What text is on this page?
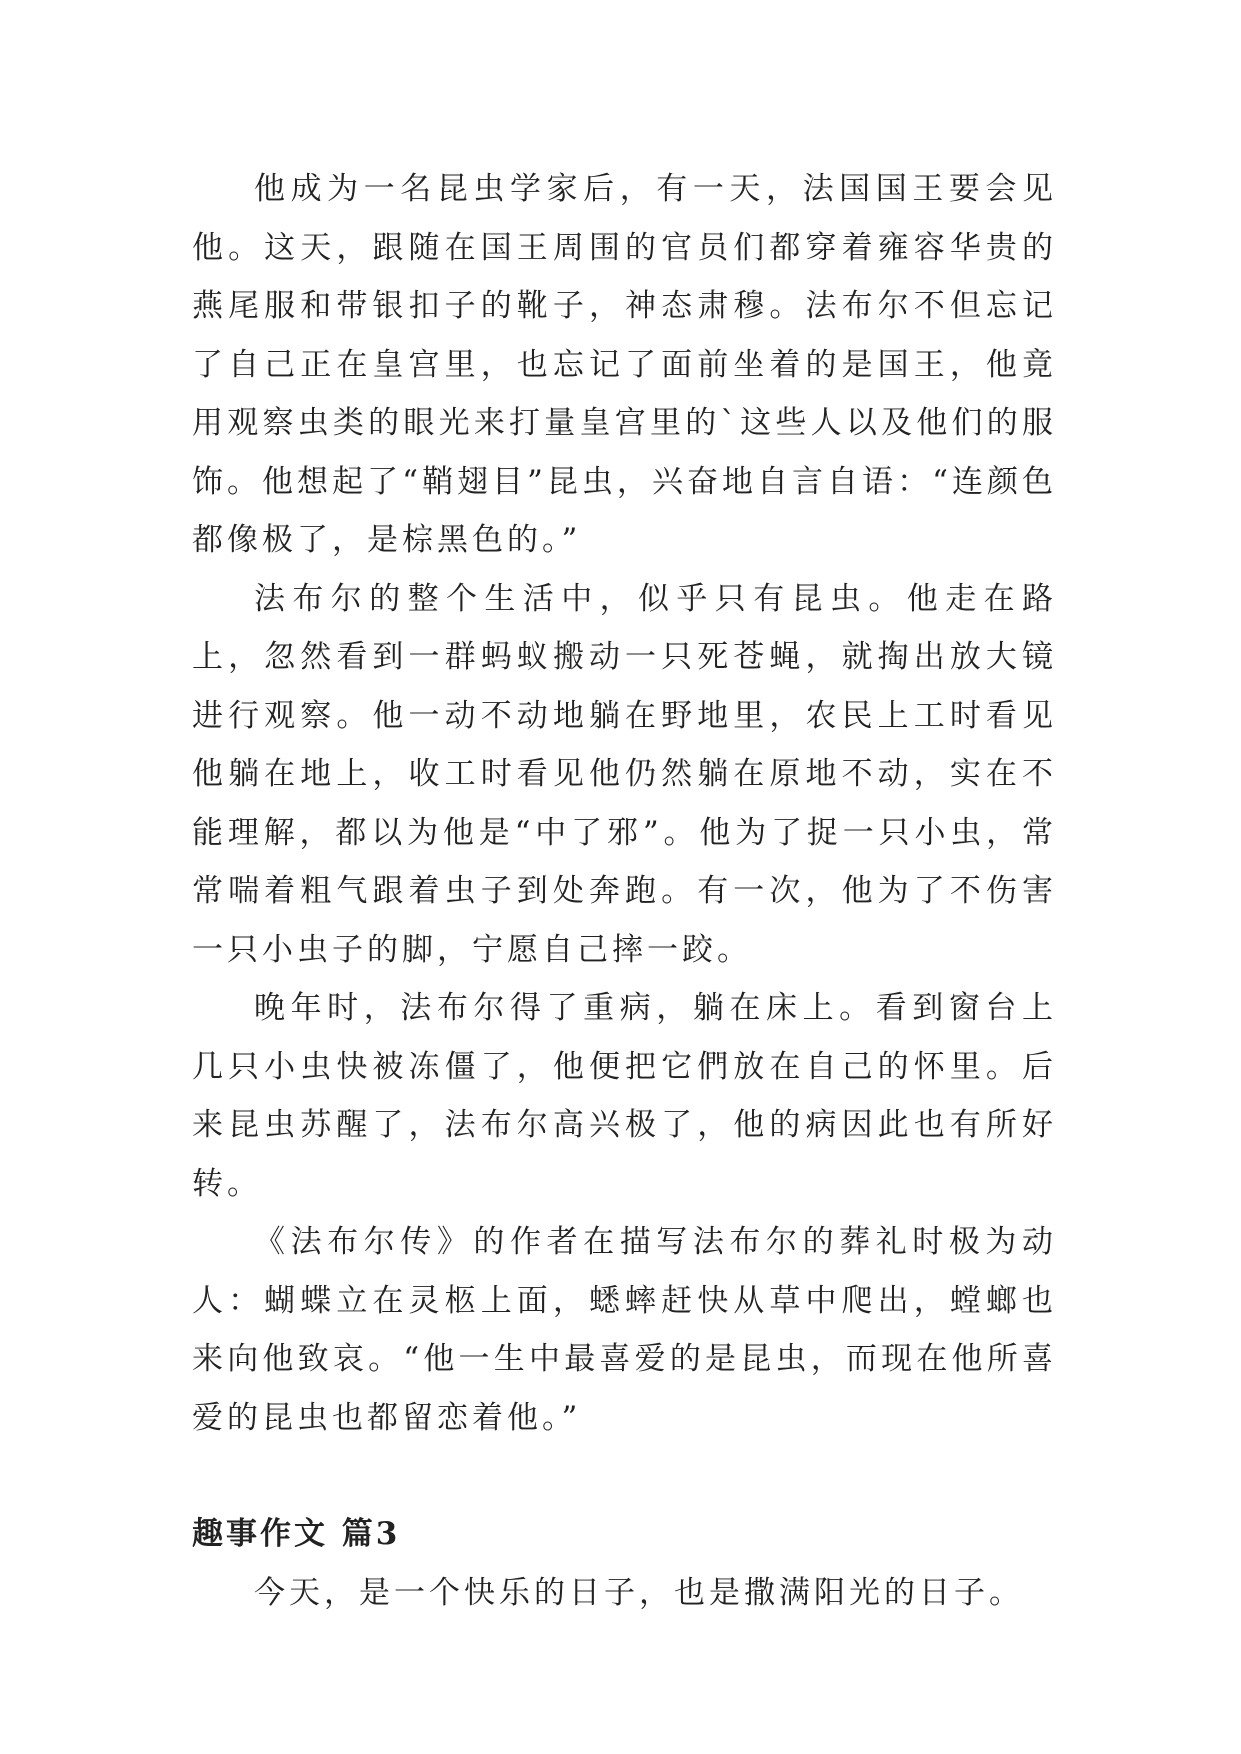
他成为一名昆虫学家后，有一天，法国国王要会见他。这天，跟随在国王周围的官员们都穿着雍容华贵的燕尾服和带银扣子的靴子，神态肃穆。法布尔不但忘记了自己正在皇宫里，也忘记了面前坐着的是国王，他竟用观察虫类的眼光来打量皇宫里的`这些人以及他们的服饰。他想起了“鞘翅目”昆虫，兴奋地自言自语：“连颜色都像极了，是棕黑色的。”

法布尔的整个生活中，似乎只有昆虫。他走在路上，忽然看到一群蚂蚁搬动一只死苍蝇，就掏出放大镜进行观察。他一动不动地躺在野地里，农民上工时看见他躺在地上，收工时看见他仍然躺在原地不动，实在不能理解，都以为他是“中了邪”。他为了捉一只小虫，常常喘着粗气跟着虫子到处奔跑。有一次，他为了不伤害一只小虫子的脚，宁愿自己摔一跤。

晚年时，法布尔得了重病，躺在床上。看到窗台上几只小虫快被冻僵了，他便把它們放在自己的怀里。后来昆虫苏醒了，法布尔高兴极了，他的病因此也有所好转。

《法布尔传》的作者在描写法布尔的葬礼时极为动人：蝴蝶立在灵柩上面，蟋蟀赶快从草中爬出，螳螂也来向他致哀。“他一生中最喜爱的是昆虫，而现在他所喜爱的昆虫也都留恋着他。”

趣事作文 篇3

今天，是一个快乐的日子，也是撒满阳光的日子。
